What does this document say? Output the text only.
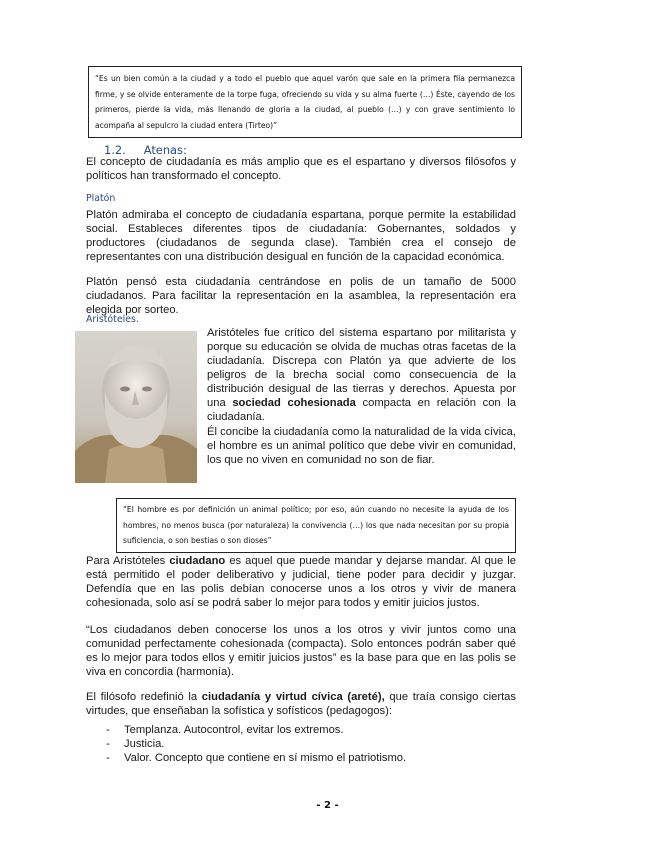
“Es un bien común a la ciudad y a todo el pueblo que aquel varón que sale en la primera fila permanezca firme, y se olvide enteramente de la torpe fuga, ofreciendo su vida y su alma fuerte (…) Éste, cayendo de los primeros, pierde la vida, más llenando de gloria a la ciudad, al pueblo (…) y con grave sentimiento lo acompaña al sepulcro la ciudad entera (Tirteo)”
1.2. Atenas:
El concepto de ciudadanía es más amplio que es el espartano y diversos filósofos y políticos han transformado el concepto.
Platón
Platón admiraba el concepto de ciudadanía espartana, porque permite la estabilidad social. Estableces diferentes tipos de ciudadanía: Gobernantes, soldados y productores (ciudadanos de segunda clase). También crea el consejo de representantes con una distribución desigual en función de la capacidad económica.
Platón pensó esta ciudadanía centrándose en polis de un tamaño de 5000 ciudadanos. Para facilitar la representación en la asamblea, la representación era elegida por sorteo.
Aristóteles.
Aristóteles fue crítico del sistema espartano por militarista y porque su educación se olvida de muchas otras facetas de la ciudadanía. Discrepa con Platón ya que advierte de los peligros de la brecha social como consecuencia de la distribución desigual de las tierras y derechos. Apuesta por una sociedad cohesionada compacta en relación con la ciudadanía.
Él concibe la ciudadanía como la naturalidad de la vida cívica, el hombre es un animal político que debe vivir en comunidad, los que no viven en comunidad no son de fiar.
“El hombre es por definición un animal político; por eso, aún cuando no necesite la ayuda de los hombres, no menos busca (por naturaleza) la convivencia (…) los que nada necesitan por su propia suficiencia, o son bestias o son dioses”
Para Aristóteles ciudadano es aquel que puede mandar y dejarse mandar. Al que le está permitido el poder deliberativo y judicial, tiene poder para decidir y juzgar. Defendía que en las polis debían conocerse unos a los otros y vivir de manera cohesionada, solo así se podrá saber lo mejor para todos y emitir juicios justos.
“Los ciudadanos deben conocerse los unos a los otros y vivir juntos como una comunidad perfectamente cohesionada (compacta). Solo entonces podrán saber qué es lo mejor para todos ellos y emitir juicios justos” es la base para que en las polis se viva en concordia (harmonía).
El filósofo redefinió la ciudadanía y virtud cívica (areté), que traía consigo ciertas virtudes, que enseñaban la sofística y sofísticos (pedagogos):
- Templanza. Autocontrol, evitar los extremos.
- Justicia.
- Valor. Concepto que contiene en sí mismo el patriotismo.
- 2 -
